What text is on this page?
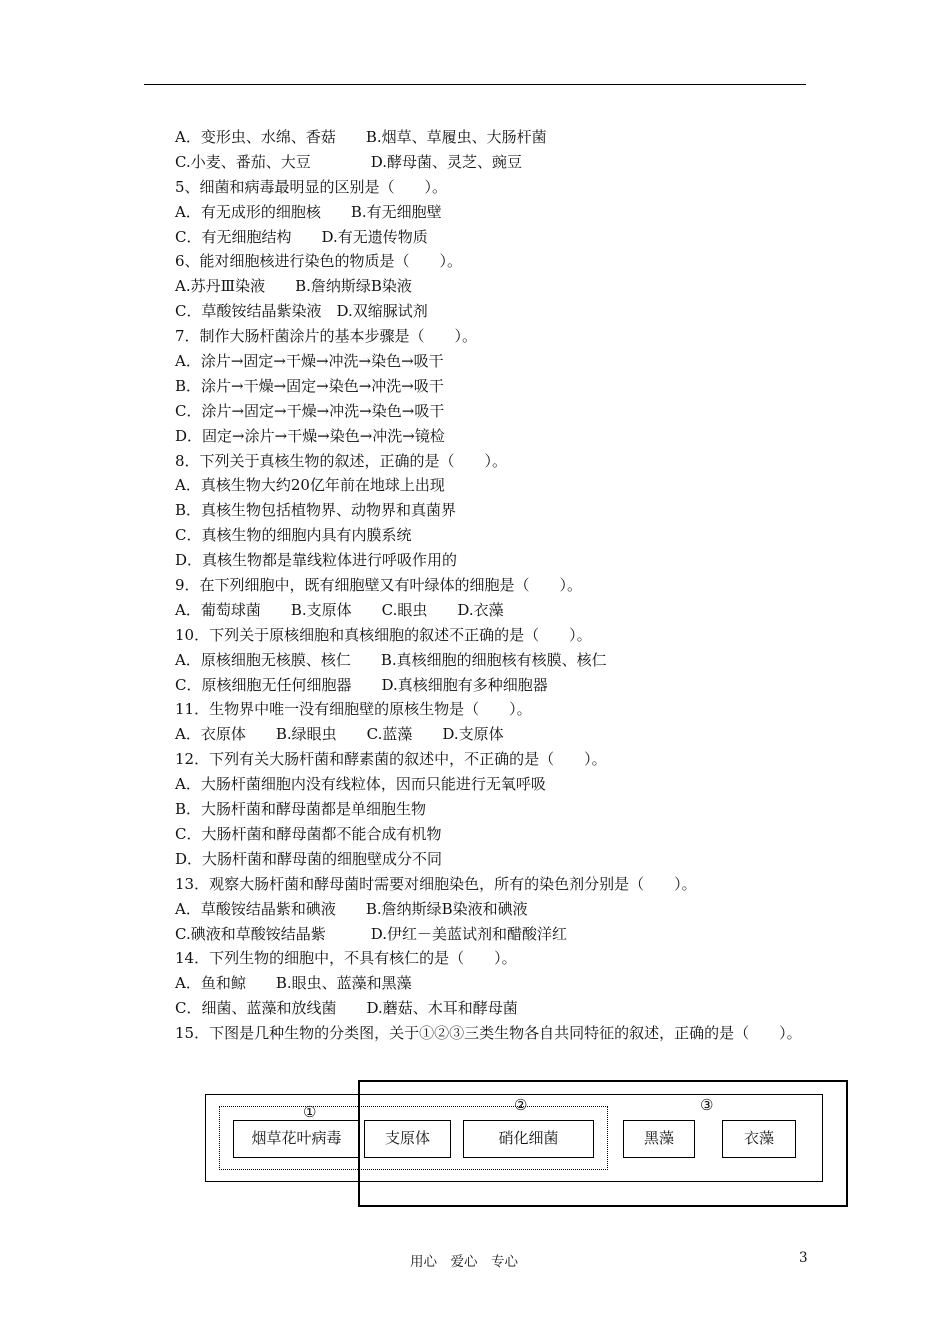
A．变形虫、水绵、香菇　　B.烟草、草履虫、大肠杆菌
C.小麦、番茄、大豆　　　　D.酵母菌、灵芝、豌豆
5、细菌和病毒最明显的区别是（　　）。
A．有无成形的细胞核　　B.有无细胞壁
C．有无细胞结构　　D.有无遗传物质
6、能对细胞核进行染色的物质是（　　）。
A.苏丹Ⅲ染液　　B.詹纳斯绿B染液
C．草酸铵结晶紫染液　D.双缩脲试剂
7．制作大肠杆菌涂片的基本步骤是（　　）。
A．涂片→固定→干燥→冲洗→染色→吸干
B．涂片→干燥→固定→染色→冲洗→吸干
C．涂片→固定→干燥→冲洗→染色→吸干
D．固定→涂片→干燥→染色→冲洗→镜检
8．下列关于真核生物的叙述，正确的是（　　）。
A．真核生物大约20亿年前在地球上出现
B．真核生物包括植物界、动物界和真菌界
C．真核生物的细胞内具有内膜系统
D．真核生物都是靠线粒体进行呼吸作用的
9．在下列细胞中，既有细胞壁又有叶绿体的细胞是（　　）。
A．葡萄球菌　　B.支原体　　C.眼虫　　D.衣藻
10．下列关于原核细胞和真核细胞的叙述不正确的是（　　）。
A．原核细胞无核膜、核仁　　B.真核细胞的细胞核有核膜、核仁
C．原核细胞无任何细胞器　　D.真核细胞有多种细胞器
11．生物界中唯一没有细胞壁的原核生物是（　　）。
A．衣原体　　B.绿眼虫　　C.蓝藻　　D.支原体
12．下列有关大肠杆菌和酵素菌的叙述中，不正确的是（　　）。
A．大肠杆菌细胞内没有线粒体，因而只能进行无氧呼吸
B．大肠杆菌和酵母菌都是单细胞生物
C．大肠杆菌和酵母菌都不能合成有机物
D．大肠杆菌和酵母菌的细胞壁成分不同
13．观察大肠杆菌和酵母菌时需要对细胞染色，所有的染色剂分别是（　　）。
A．草酸铵结晶紫和碘液　　B.詹纳斯绿B染液和碘液
C.碘液和草酸铵结晶紫　　　D.伊红－美蓝试剂和醋酸洋红
14．下列生物的细胞中，不具有核仁的是（　　）。
A．鱼和鲸　　B.眼虫、蓝藻和黑藻
C．细菌、蓝藻和放线菌　　D.蘑菇、木耳和酵母菌
15．下图是几种生物的分类图，关于①②③三类生物各自共同特征的叙述，正确的是（　　）。
①	②	③
烟草花叶病毒	支原体	硝化细菌	黑藻	衣藻
用心　爱心　专心	3
